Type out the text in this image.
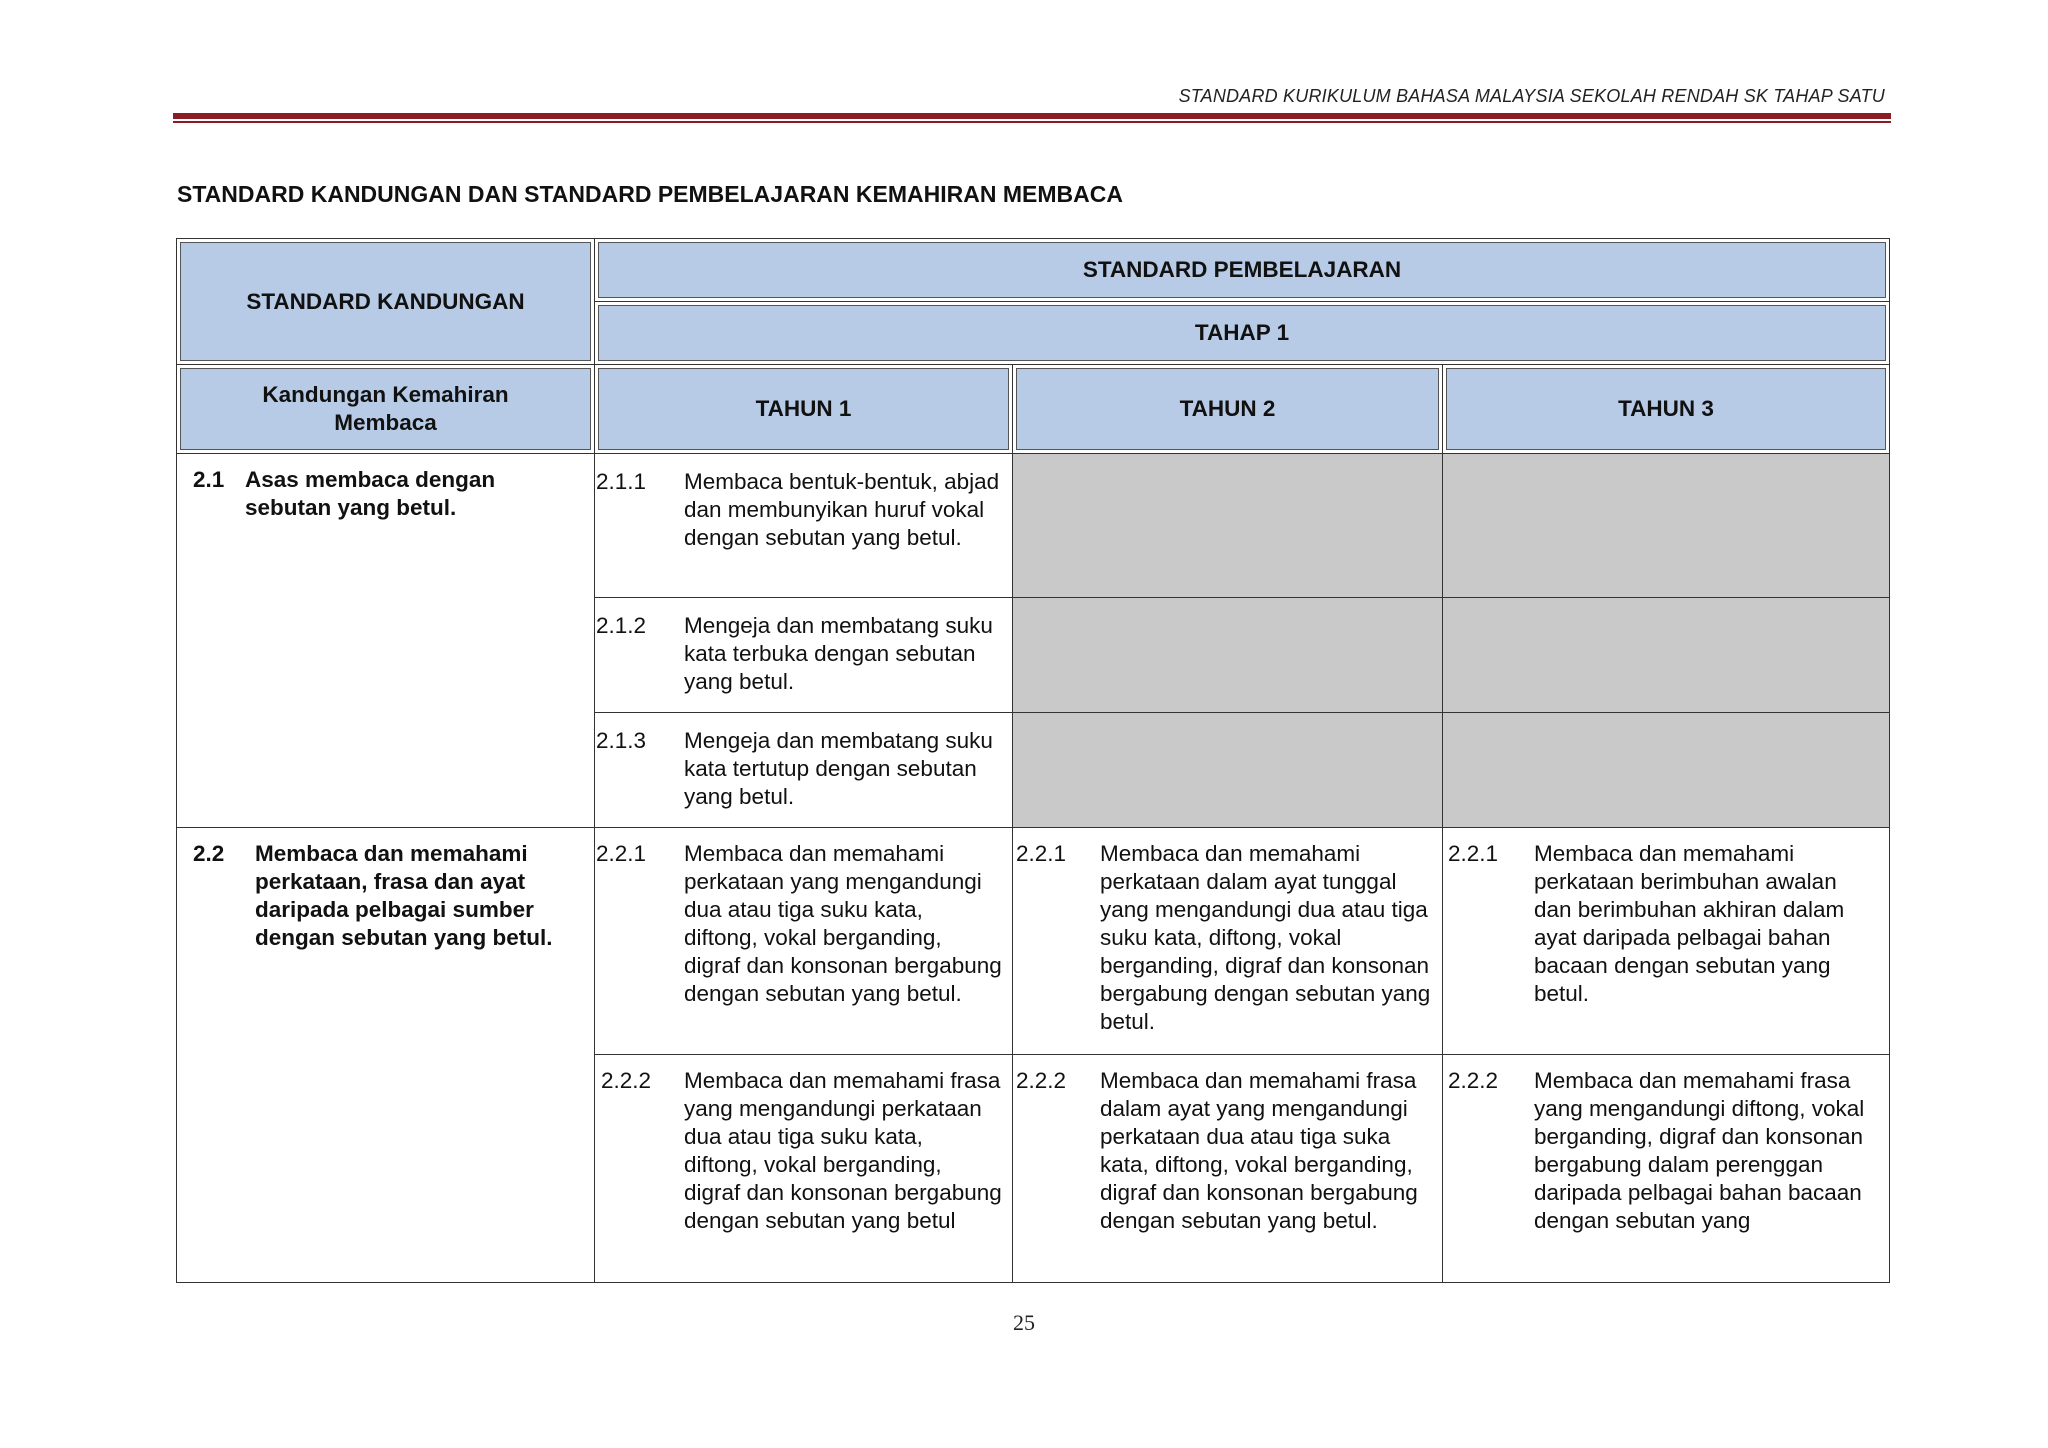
STANDARD KURIKULUM BAHASA MALAYSIA SEKOLAH RENDAH SK TAHAP SATU
STANDARD KANDUNGAN DAN STANDARD PEMBELAJARAN KEMAHIRAN MEMBACA
STANDARD KANDUNGAN	STANDARD PEMBELAJARAN		
	TAHAP 1		

Kandungan Kemahiran Membaca	TAHUN 1	TAHUN 2	TAHUN 3

2.1 Asas membaca dengan sebutan yang betul.	2.1.1 Membaca bentuk-bentuk, abjad dan membunyikan huruf vokal dengan sebutan yang betul.		

	2.1.2 Mengeja dan membatang suku kata terbuka dengan sebutan yang betul.		

	2.1.3 Mengeja dan membatang suku kata tertutup dengan sebutan yang betul.		

2.2 Membaca dan memahami perkataan, frasa dan ayat daripada pelbagai sumber dengan sebutan yang betul.	2.2.1 Membaca dan memahami perkataan yang mengandungi dua atau tiga suku kata, diftong, vokal berganding, digraf dan konsonan bergabung dengan sebutan yang betul.	2.2.1 Membaca dan memahami perkataan dalam ayat tunggal yang mengandungi dua atau tiga suku kata, diftong, vokal berganding, digraf dan konsonan bergabung dengan sebutan yang betul.	2.2.1 Membaca dan memahami perkataan berimbuhan awalan dan berimbuhan akhiran dalam ayat daripada pelbagai bahan bacaan dengan sebutan yang betul.

	2.2.2 Membaca dan memahami frasa yang mengandungi perkataan dua atau tiga suku kata, diftong, vokal berganding, digraf dan konsonan bergabung dengan sebutan yang betul	2.2.2 Membaca dan memahami frasa dalam ayat yang mengandungi perkataan dua atau tiga suka kata, diftong, vokal berganding, digraf dan konsonan bergabung dengan sebutan yang betul.	2.2.2 Membaca dan memahami frasa yang mengandungi diftong, vokal berganding, digraf dan konsonan bergabung dalam perenggan daripada pelbagai bahan bacaan dengan sebutan yang
25
